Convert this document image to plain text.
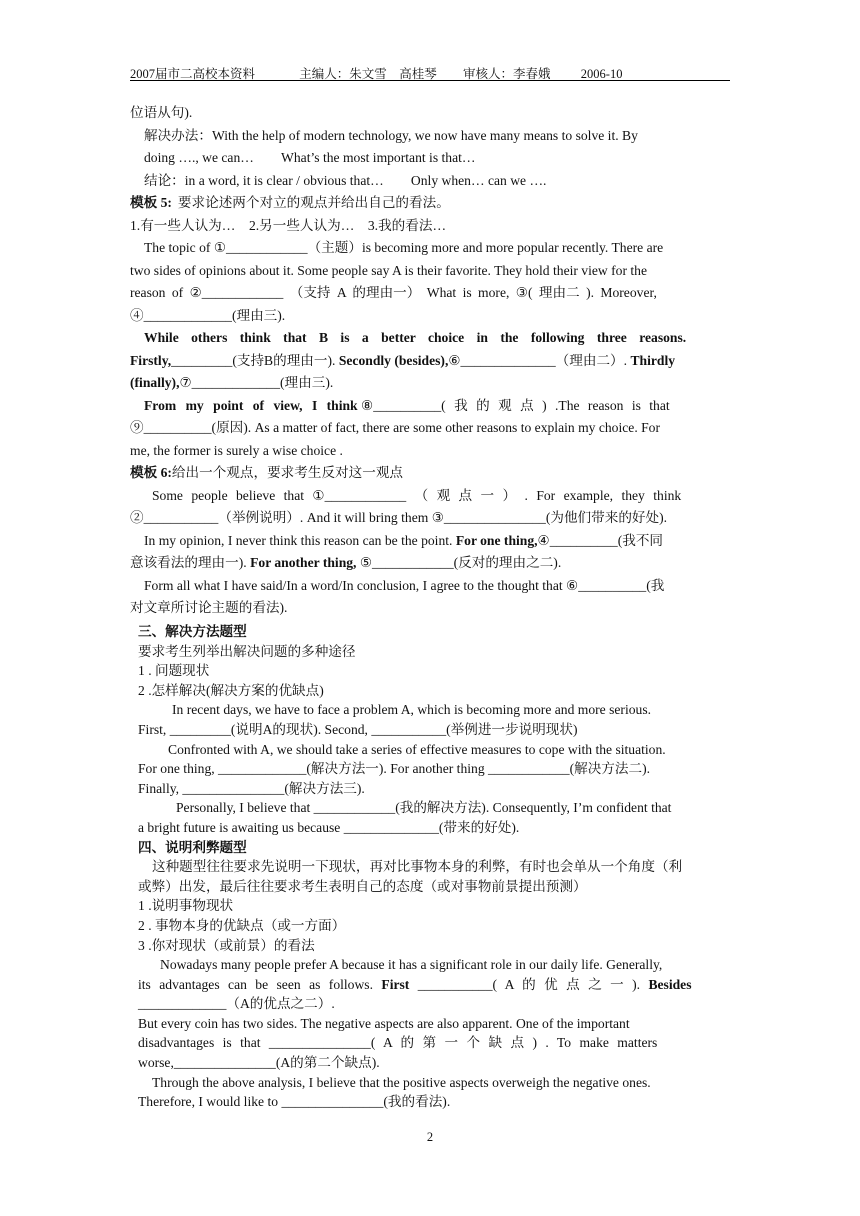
2007届市二高校本资料	主编人：朱文雪　高桂琴 审核人：李春娥 2006-10

位语从句).

解决办法：With the help of modern technology, we now have many means to solve it. By

doing …., we can…　　What’s the most important is that…

结论：in a word, it is clear / obvious that…　　Only when… can we ….

模板 5: 要求论述两个对立的观点并给出自己的看法。

1.有一些人认为…　2.另一些人认为…　3.我的看法…

The topic of ①____________（主题）is becoming more and more popular recently. There are

two sides of opinions about it. Some people say A is their favorite. They hold their view for the

reason of ②____________ （支持 A 的理由一） What is more, ③( 理由二 ). Moreover,

④_____________(理由三).

While others think that B is a better choice in the following three reasons.

Firstly,_________(支持B的理由一). Secondly (besides),⑥______________（理由二）. Thirdly

(finally),⑦_____________(理由三).

From my point of view, I think ⑧__________( 我 的 观 点 ) .The reason is that

⑨__________(原因). As a matter of fact, there are some other reasons to explain my choice. For

me, the former is surely a wise choice .

模板 6:给出一个观点，要求考生反对这一观点

Some people believe that ①____________ （ 观 点 一 ） . For example, they think

②___________（举例说明）. And it will bring them ③_______________(为他们带来的好处).

In my opinion, I never think this reason can be the point. For one thing,④__________(我不同

意该看法的理由一). For another thing, ⑤____________(反对的理由之二).

Form all what I have said/In a word/In conclusion, I agree to the thought that ⑥__________(我

对文章所讨论主题的看法).

三、解决方法题型

要求考生列举出解决问题的多种途径

1 . 问题现状

2 .怎样解决(解决方案的优缺点)

In recent days, we have to face a problem A, which is becoming more and more serious.

First, _________(说明A的现状). Second, ___________(举例进一步说明现状)

Confronted with A, we should take a series of effective measures to cope with the situation.

For one thing, _____________(解决方法一). For another thing ____________(解决方法二).

Finally, _______________(解决方法三).

Personally, I believe that ____________(我的解决方法). Consequently, I’m confident that

a bright future is awaiting us because ______________(带来的好处).

四、说明利弊题型

这种题型往往要求先说明一下现状，再对比事物本身的利弊，有时也会单从一个角度（利

或弊）出发，最后往往要求考生表明自己的态度（或对事物前景提出预测）

1 .说明事物现状

2 . 事物本身的优缺点（或一方面）

3 .你对现状（或前景）的看法

Nowadays many people prefer A because it has a significant role in our daily life. Generally,

its advantages can be seen as follows. First ___________( A 的 优 点 之 一 ). Besides

_____________（A的优点之二）.

But every coin has two sides. The negative aspects are also apparent. One of the important

disadvantages is that _______________( A 的 第 一 个 缺 点 ) . To make matters

worse,_______________(A的第二个缺点).

Through the above analysis, I believe that the positive aspects overweigh the negative ones.

Therefore, I would like to _______________(我的看法).

2
